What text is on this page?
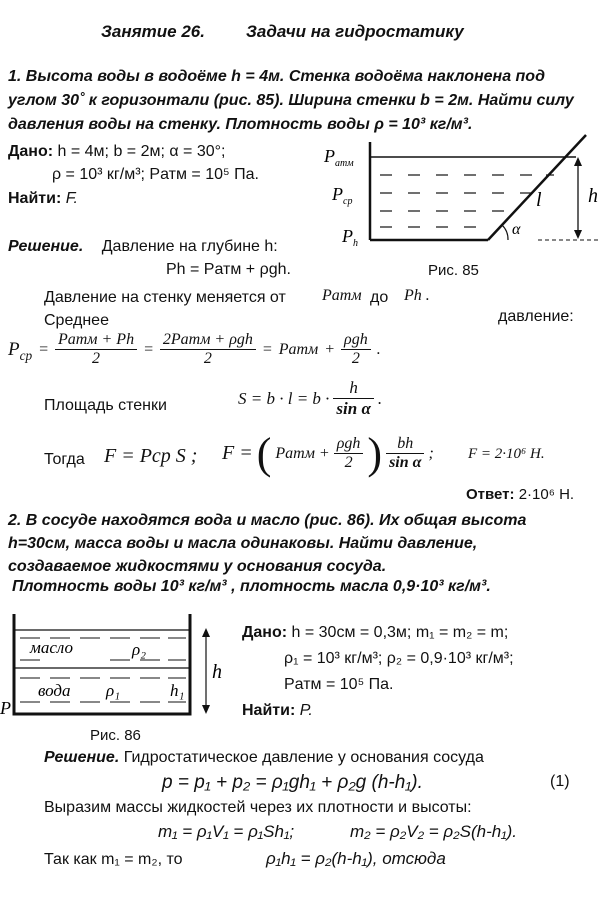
Занятие 26. Задачи на гидростатику
1. Высота воды в водоёме h = 4м. Стенка водоёма наклонена под
углом 30˚ к горизонтали (рис. 85). Ширина стенки b = 2м. Найти силу
давления воды на стенку. Плотность воды ρ = 10³ кг/м³.
Дано: h = 4м; b = 2м; α = 30°;
ρ = 10³ кг/м³; Pатм = 10⁵ Па.
Найти: F.
$P_{атм}$
$P_{ср}$
$P_h$
l h
α
Рис. 85
Решение. Давление на глубине h:
Ph = Pатм + ρgh.
Давление на стенку меняется от Pатм до Ph .
Среднее	давление:
$P_{ср} = \frac{\text{Pатм + Ph}}{2} = \frac{\text{2Pатм + ρgh}}{2}$ = Pатм + $\frac{\text{ρgh}}{2}$ .
Площадь стенки	$S = b \cdot l = b \cdot \frac{h}{\text{sin α}}$ .
Тогда F = Pср S ; F = ( Pатм + $\frac{\text{ρgh}}{2}$ ) $\frac{bh}{\text{sin α}}$ ; F = 2·10⁶ Н.
Ответ: 2·10⁶ Н.
2. В сосуде находятся вода и масло (рис. 86). Их общая высота
h=30см, масса воды и масла одинаковы. Найти давление,
создаваемое жидкостями у основания сосуда.
Плотность воды 10³ кг/м³ , плотность масла 0,9·10³ кг/м³.
масло	ρ₂
вода ρ₁	h₁
h
P
Рис. 86
Дано: h = 30см = 0,3м; m₁ = m₂ = m;
ρ₁ = 10³ кг/м³; ρ₂ = 0,9·10³ кг/м³;
Pатм = 10⁵ Па.
Найти: P.
Решение. Гидростатическое давление у основания сосуда
p = p₁ + p₂ = ρ₁gh₁ + ρ₂g (h-h₁).	(1)
Выразим массы жидкостей через их плотности и высоты:
m₁ = ρ₁V₁ = ρ₁Sh₁;	m₂ = ρ₂V₂ = ρ₂S(h-h₁).
Так как m₁ = m₂, то	ρ₁h₁ = ρ₂(h-h₁), отсюда
